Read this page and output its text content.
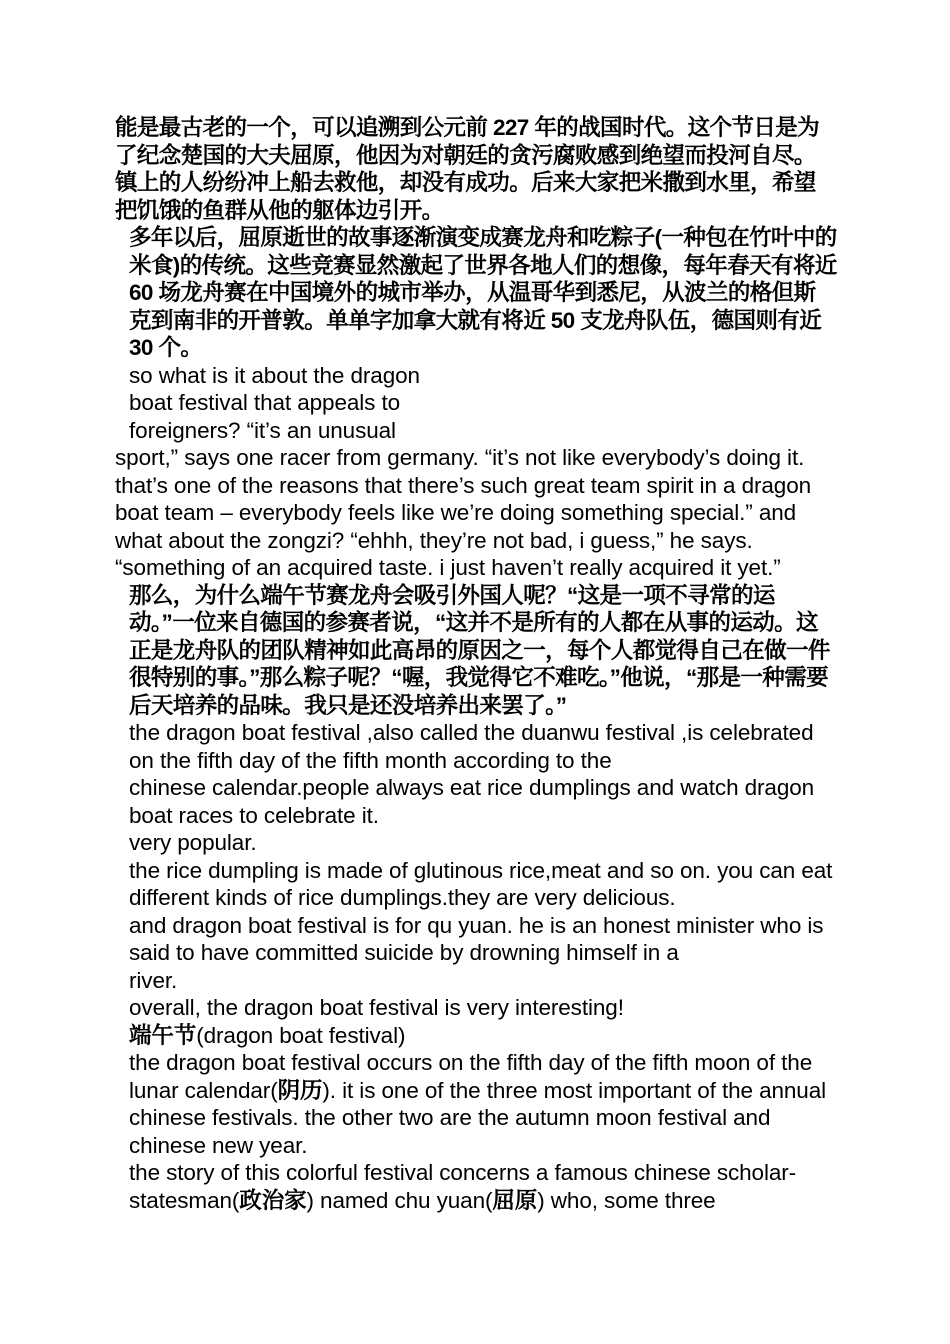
能是最古老的一个，可以追溯到公元前 227 年的战国时代。这个节日是为了纪念楚国的大夫屈原，他因为对朝廷的贪污腐败感到绝望而投河自尽。镇上的人纷纷冲上船去救他，却没有成功。后来大家把米撒到水里，希望把饥饿的鱼群从他的躯体边引开。

多年以后，屈原逝世的故事逐渐演变成赛龙舟和吃粽子(一种包在竹叶中的米食)的传统。这些竞赛显然激起了世界各地人们的想像，每年春天有将近 60 场龙舟赛在中国境外的城市举办，从温哥华到悉尼，从波兰的格但斯克到南非的开普敦。单单字加拿大就有将近 50 支龙舟队伍，德国则有近 30 个。

so what is it about the dragon boat festival that appeals to foreigners? “it’s an unusual

sport,” says one racer from germany. “it’s not like everybody’s doing it. that’s one of the reasons that there’s such great team spirit in a dragon boat team – everybody feels like we’re doing something special.” and what about the zongzi? “ehhh, they’re not bad, i guess,” he says. “something of an acquired taste. i just haven’t really acquired it yet.”

那么，为什么端午节赛龙舟会吸引外国人呢？“这是一项不寻常的运动。”一位来自德国的参赛者说，“这并不是所有的人都在从事的运动。这正是龙舟队的团队精神如此高昂的原因之一，每个人都觉得自己在做一件很特别的事。”那么粽子呢？“喔，我觉得它不难吃。”他说，“那是一种需要后天培养的品味。我只是还没培养出来罢了。”

the dragon boat festival ,also called the duanwu festival ,is celebrated on the fifth day of the fifth month according to the

chinese calendar.people always eat rice dumplings and watch dragon boat races to celebrate it.

very popular.

the rice dumpling is made of glutinous rice,meat and so on. you can eat different kinds of rice dumplings.they are very delicious.

and dragon boat festival is for qu yuan. he is an honest minister who is said to have committed suicide by drowning himself in a

river.

overall, the dragon boat festival is very interesting!

端午节(dragon boat festival)

the dragon boat festival occurs on the fifth day of the fifth moon of the lunar calendar(阴历). it is one of the three most important of the annual chinese festivals. the other two are the autumn moon festival and chinese new year.

the story of this colorful festival concerns a famous chinese scholar-statesman(政治家) named chu yuan(屈原) who, some three
